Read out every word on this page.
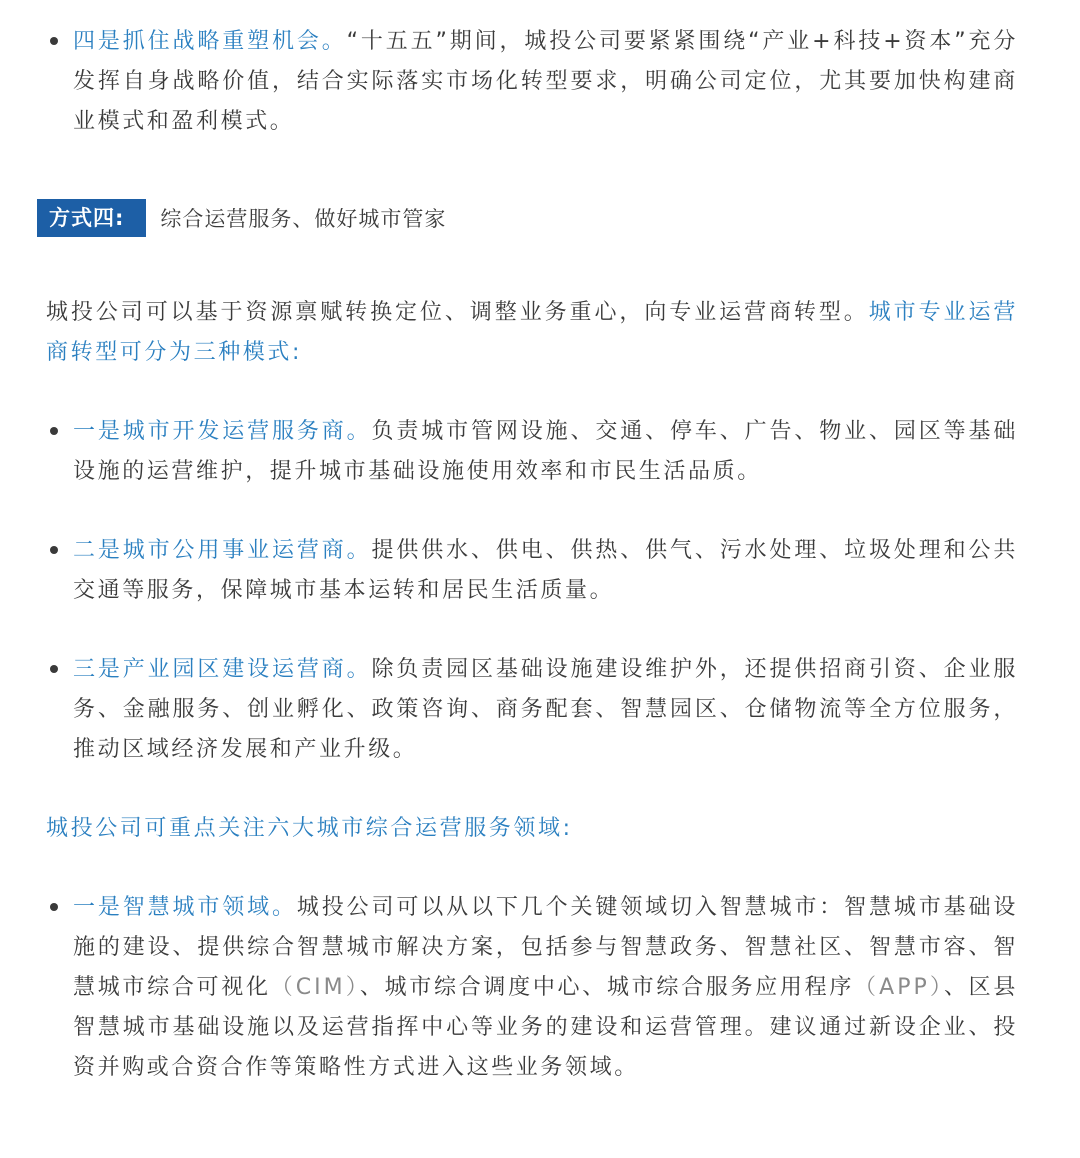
四是抓住战略重塑机会。“十五五”期间，城投公司要紧紧围绕“产业+科技+资本”充分发挥自身战略价值，结合实际落实市场化转型要求，明确公司定位，尤其要加快构建商业模式和盈利模式。
方式四:	综合运营服务、做好城市管家
城投公司可以基于资源禀赋转换定位、调整业务重心，向专业运营商转型。城市专业运营商转型可分为三种模式:
一是城市开发运营服务商。负责城市管网设施、交通、停车、广告、物业、园区等基础设施的运营维护，提升城市基础设施使用效率和市民生活品质。
二是城市公用事业运营商。提供供水、供电、供热、供气、污水处理、垃圾处理和公共交通等服务，保障城市基本运转和居民生活质量。
三是产业园区建设运营商。除负责园区基础设施建设维护外，还提供招商引资、企业服务、金融服务、创业孵化、政策咨询、商务配套、智慧园区、仓储物流等全方位服务，推动区域经济发展和产业升级。
城投公司可重点关注六大城市综合运营服务领域:
一是智慧城市领域。城投公司可以从以下几个关键领域切入智慧城市：智慧城市基础设施的建设、提供综合智慧城市解决方案，包括参与智慧政务、智慧社区、智慧市容、智慧城市综合可视化（CIM）、城市综合调度中心、城市综合服务应用程序（APP）、区县智慧城市基础设施以及运营指挥中心等业务的建设和运营管理。建议通过新设企业、投资并购或合资合作等策略性方式进入这些业务领域。
